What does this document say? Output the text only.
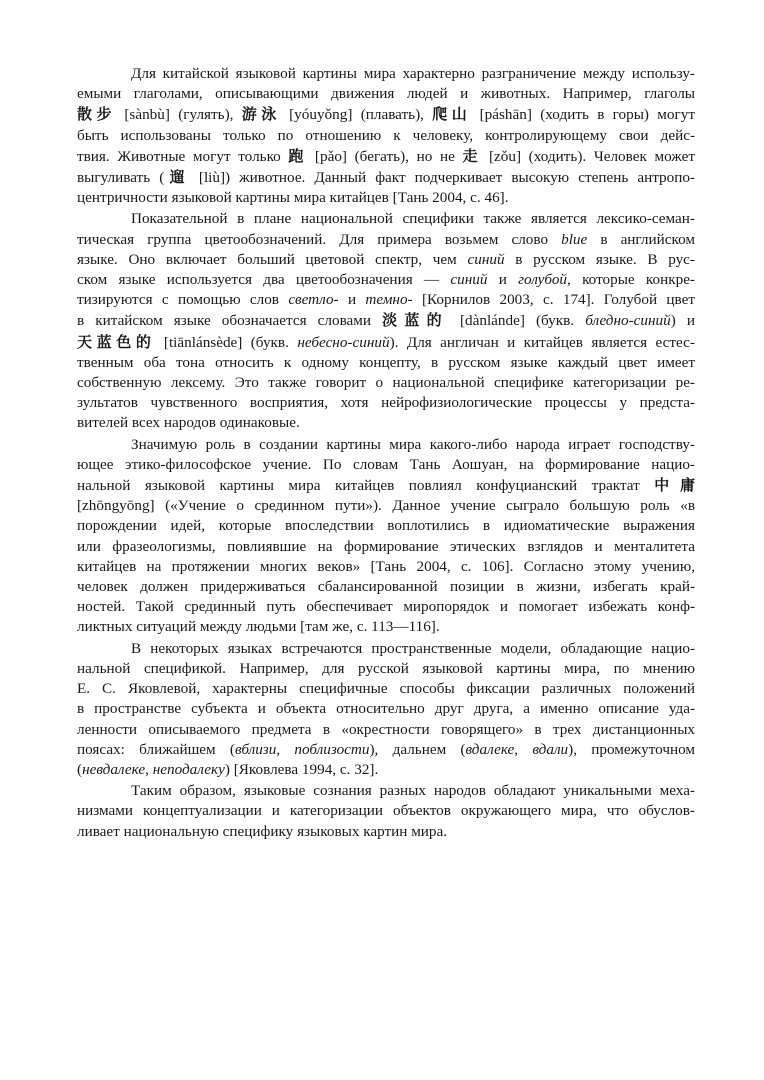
Для китайской языковой картины мира характерно разграничение между использу-
емыми глаголами, описывающими движения людей и животных. Например, глаголы
散步 [sànbù] (гулять), 游泳 [yóuyǒng] (плавать), 爬山 [páshān] (ходить в горы) могут
быть использованы только по отношению к человеку, контролирующему свои дейс-
твия. Животные могут только 跑 [pǎo] (бегать), но не 走 [zǒu] (ходить). Человек может
выгуливать (遛 [liù]) животное. Данный факт подчеркивает высокую степень антропо-
центричности языковой картины мира китайцев [Тань 2004, с. 46].
Показательной в плане национальной специфики также является лексико-семан-
тическая группа цветообозначений. Для примера возьмем слово blue в английском
языке. Оно включает больший цветовой спектр, чем синий в русском языке. В рус-
ском языке используется два цветообозначения — синий и голубой, которые конкре-
тизируются с помощью слов светло- и темно- [Корнилов 2003, с. 174]. Голубой цвет
в китайском языке обозначается словами 淡蓝的 [dànlánde] (букв. бледно-синий) и
天蓝色的 [tiānlánsède] (букв. небесно-синий). Для англичан и китайцев является естес-
твенным оба тона относить к одному концепту, в русском языке каждый цвет имеет
собственную лексему. Это также говорит о национальной специфике категоризации ре-
зультатов чувственного восприятия, хотя нейрофизиологические процессы у предста-
вителей всех народов одинаковые.
Значимую роль в создании картины мира какого-либо народа играет господству-
ющее этико-философское учение. По словам Тань Аошуан, на формирование нацио-
нальной языковой картины мира китайцев повлиял конфуцианский трактат 中庸
[zhōngyōng] («Учение о срединном пути»). Данное учение сыграло большую роль «в
порождении идей, которые впоследствии воплотились в идиоматические выражения
или фразеологизмы, повлиявшие на формирование этических взглядов и менталитета
китайцев на протяжении многих веков» [Тань 2004, с. 106]. Согласно этому учению,
человек должен придерживаться сбалансированной позиции в жизни, избегать край-
ностей. Такой срединный путь обеспечивает миропорядок и помогает избежать конф-
ликтных ситуаций между людьми [там же, с. 113—116].
В некоторых языках встречаются пространственные модели, обладающие нацио-
нальной спецификой. Например, для русской языковой картины мира, по мнению
Е. С. Яковлевой, характерны специфичные способы фиксации различных положений
в пространстве субъекта и объекта относительно друг друга, а именно описание уда-
ленности описываемого предмета в «окрестности говорящего» в трех дистанционных
поясах: ближайшем (вблизи, поблизости), дальнем (вдалеке, вдали), промежуточном
(невдалеке, неподалеку) [Яковлева 1994, с. 32].
Таким образом, языковые сознания разных народов обладают уникальными меха-
низмами концептуализации и категоризации объектов окружающего мира, что обуслов-
ливает национальную специфику языковых картин мира.
